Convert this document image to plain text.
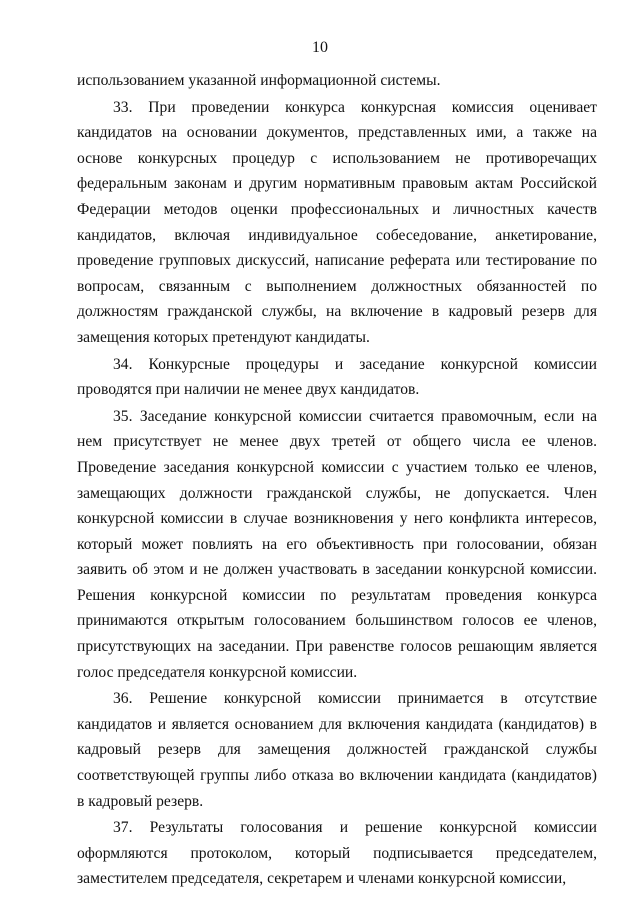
10

использованием указанной информационной системы.

33. При проведении конкурса конкурсная комиссия оценивает кандидатов на основании документов, представленных ими, а также на основе конкурсных процедур с использованием не противоречащих федеральным законам и другим нормативным правовым актам Российской Федерации методов оценки профессиональных и личностных качеств кандидатов, включая индивидуальное собеседование, анкетирование, проведение групповых дискуссий, написание реферата или тестирование по вопросам, связанным с выполнением должностных обязанностей по должностям гражданской службы, на включение в кадровый резерв для замещения которых претендуют кандидаты.

34. Конкурсные процедуры и заседание конкурсной комиссии проводятся при наличии не менее двух кандидатов.

35. Заседание конкурсной комиссии считается правомочным, если на нем присутствует не менее двух третей от общего числа ее членов. Проведение заседания конкурсной комиссии с участием только ее членов, замещающих должности гражданской службы, не допускается. Член конкурсной комиссии в случае возникновения у него конфликта интересов, который может повлиять на его объективность при голосовании, обязан заявить об этом и не должен участвовать в заседании конкурсной комиссии. Решения конкурсной комиссии по результатам проведения конкурса принимаются открытым голосованием большинством голосов ее членов, присутствующих на заседании. При равенстве голосов решающим является голос председателя конкурсной комиссии.

36. Решение конкурсной комиссии принимается в отсутствие кандидатов и является основанием для включения кандидата (кандидатов) в кадровый резерв для замещения должностей гражданской службы соответствующей группы либо отказа во включении кандидата (кандидатов) в кадровый резерв.

37. Результаты голосования и решение конкурсной комиссии оформляются протоколом, который подписывается председателем, заместителем председателя, секретарем и членами конкурсной комиссии,
